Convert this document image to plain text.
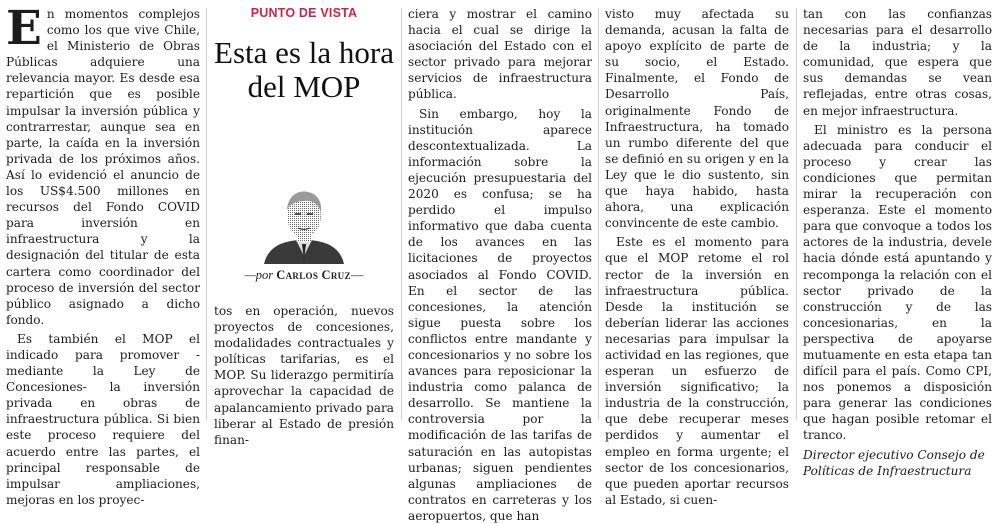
En momentos complejos como los que vive Chile, el Ministerio de Obras Públicas adquiere una relevancia mayor. Es desde esa repartición que es posible impulsar la inversión pública y contrarrestar, aunque sea en parte, la caída en la inversión privada de los próximos años. Así lo evidenció el anuncio de los US$4.500 millones en recursos del Fondo COVID para inversión en infraestructura y la designación del titular de esta cartera como coordinador del proceso de inversión del sector público asignado a dicho fondo.

Es también el MOP el indicado para promover -mediante la Ley de Concesiones- la inversión privada en obras de infraestructura pública. Si bien este proceso requiere del acuerdo entre las partes, el principal responsable de impulsar ampliaciones, mejoras en los proyec-

PUNTO DE VISTA
Esta es la hora del MOP
—por Carlos Cruz—

tos en operación, nuevos proyectos de concesiones, modalidades contractuales y políticas tarifarias, es el MOP. Su liderazgo permitiría aprovechar la capacidad de apalancamiento privado para liberar al Estado de presión finan-

ciera y mostrar el camino hacia el cual se dirige la asociación del Estado con el sector privado para mejorar servicios de infraestructura pública.

Sin embargo, hoy la institución aparece descontextualizada. La información sobre la ejecución presupuestaria del 2020 es confusa; se ha perdido el impulso informativo que daba cuenta de los avances en las licitaciones de proyectos asociados al Fondo COVID. En el sector de las concesiones, la atención sigue puesta sobre los conflictos entre mandante y concesionarios y no sobre los avances para reposicionar la industria como palanca de desarrollo. Se mantiene la controversia por la modificación de las tarifas de saturación en las autopistas urbanas; siguen pendientes algunas ampliaciones de contratos en carreteras y los aeropuertos, que han

visto muy afectada su demanda, acusan la falta de apoyo explícito de parte de su socio, el Estado. Finalmente, el Fondo de Desarrollo País, originalmente Fondo de Infraestructura, ha tomado un rumbo diferente del que se definió en su origen y en la Ley que le dio sustento, sin que haya habido, hasta ahora, una explicación convincente de este cambio.

Este es el momento para que el MOP retome el rol rector de la inversión en infraestructura pública. Desde la institución se deberían liderar las acciones necesarias para impulsar la actividad en las regiones, que esperan un esfuerzo de inversión significativo; la industria de la construcción, que debe recuperar meses perdidos y aumentar el empleo en forma urgente; el sector de los concesionarios, que pueden aportar recursos al Estado, si cuen-

tan con las confianzas necesarias para el desarrollo de la industria; y la comunidad, que espera que sus demandas se vean reflejadas, entre otras cosas, en mejor infraestructura.

El ministro es la persona adecuada para conducir el proceso y crear las condiciones que permitan mirar la recuperación con esperanza. Este el momento para que convoque a todos los actores de la industria, devele hacia dónde está apuntando y recomponga la relación con el sector privado de la construcción y de las concesionarias, en la perspectiva de apoyarse mutuamente en esta etapa tan difícil para el país. Como CPI, nos ponemos a disposición para generar las condiciones que hagan posible retomar el tranco.

Director ejecutivo Consejo de Políticas de Infraestructura
